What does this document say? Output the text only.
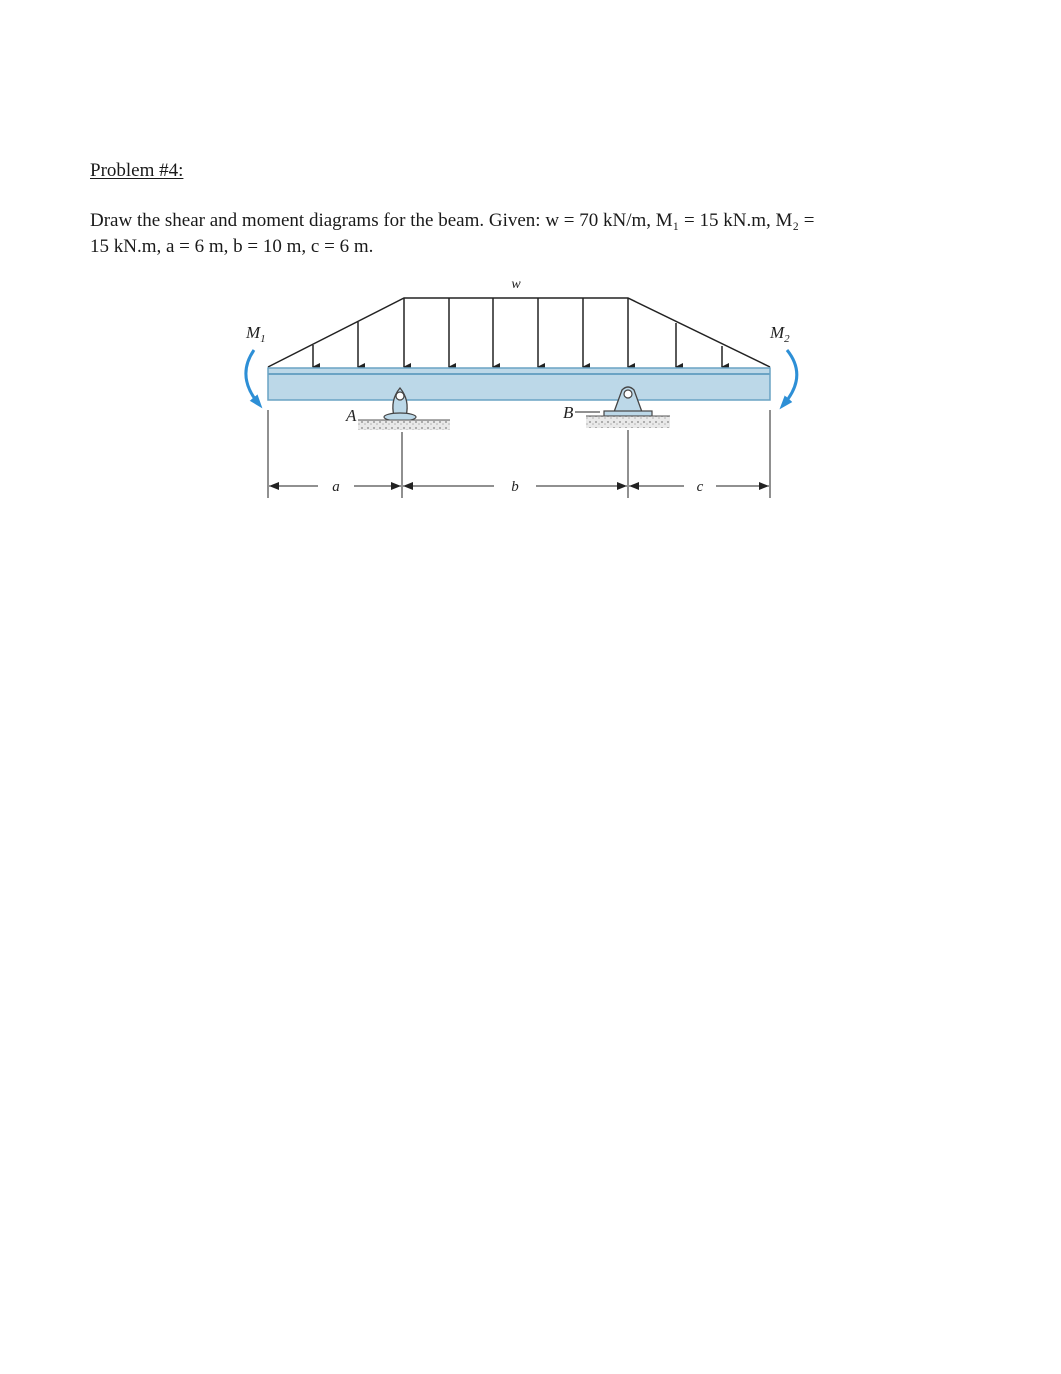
Problem #4:

Draw the shear and moment diagrams for the beam. Given: w = 70 kN/m, M₁ = 15 kN.m, M₂ =
15 kN.m, a = 6 m, b = 10 m, c = 6 m.

w
A	B
$M_1$	$M_2$
a	b	c
